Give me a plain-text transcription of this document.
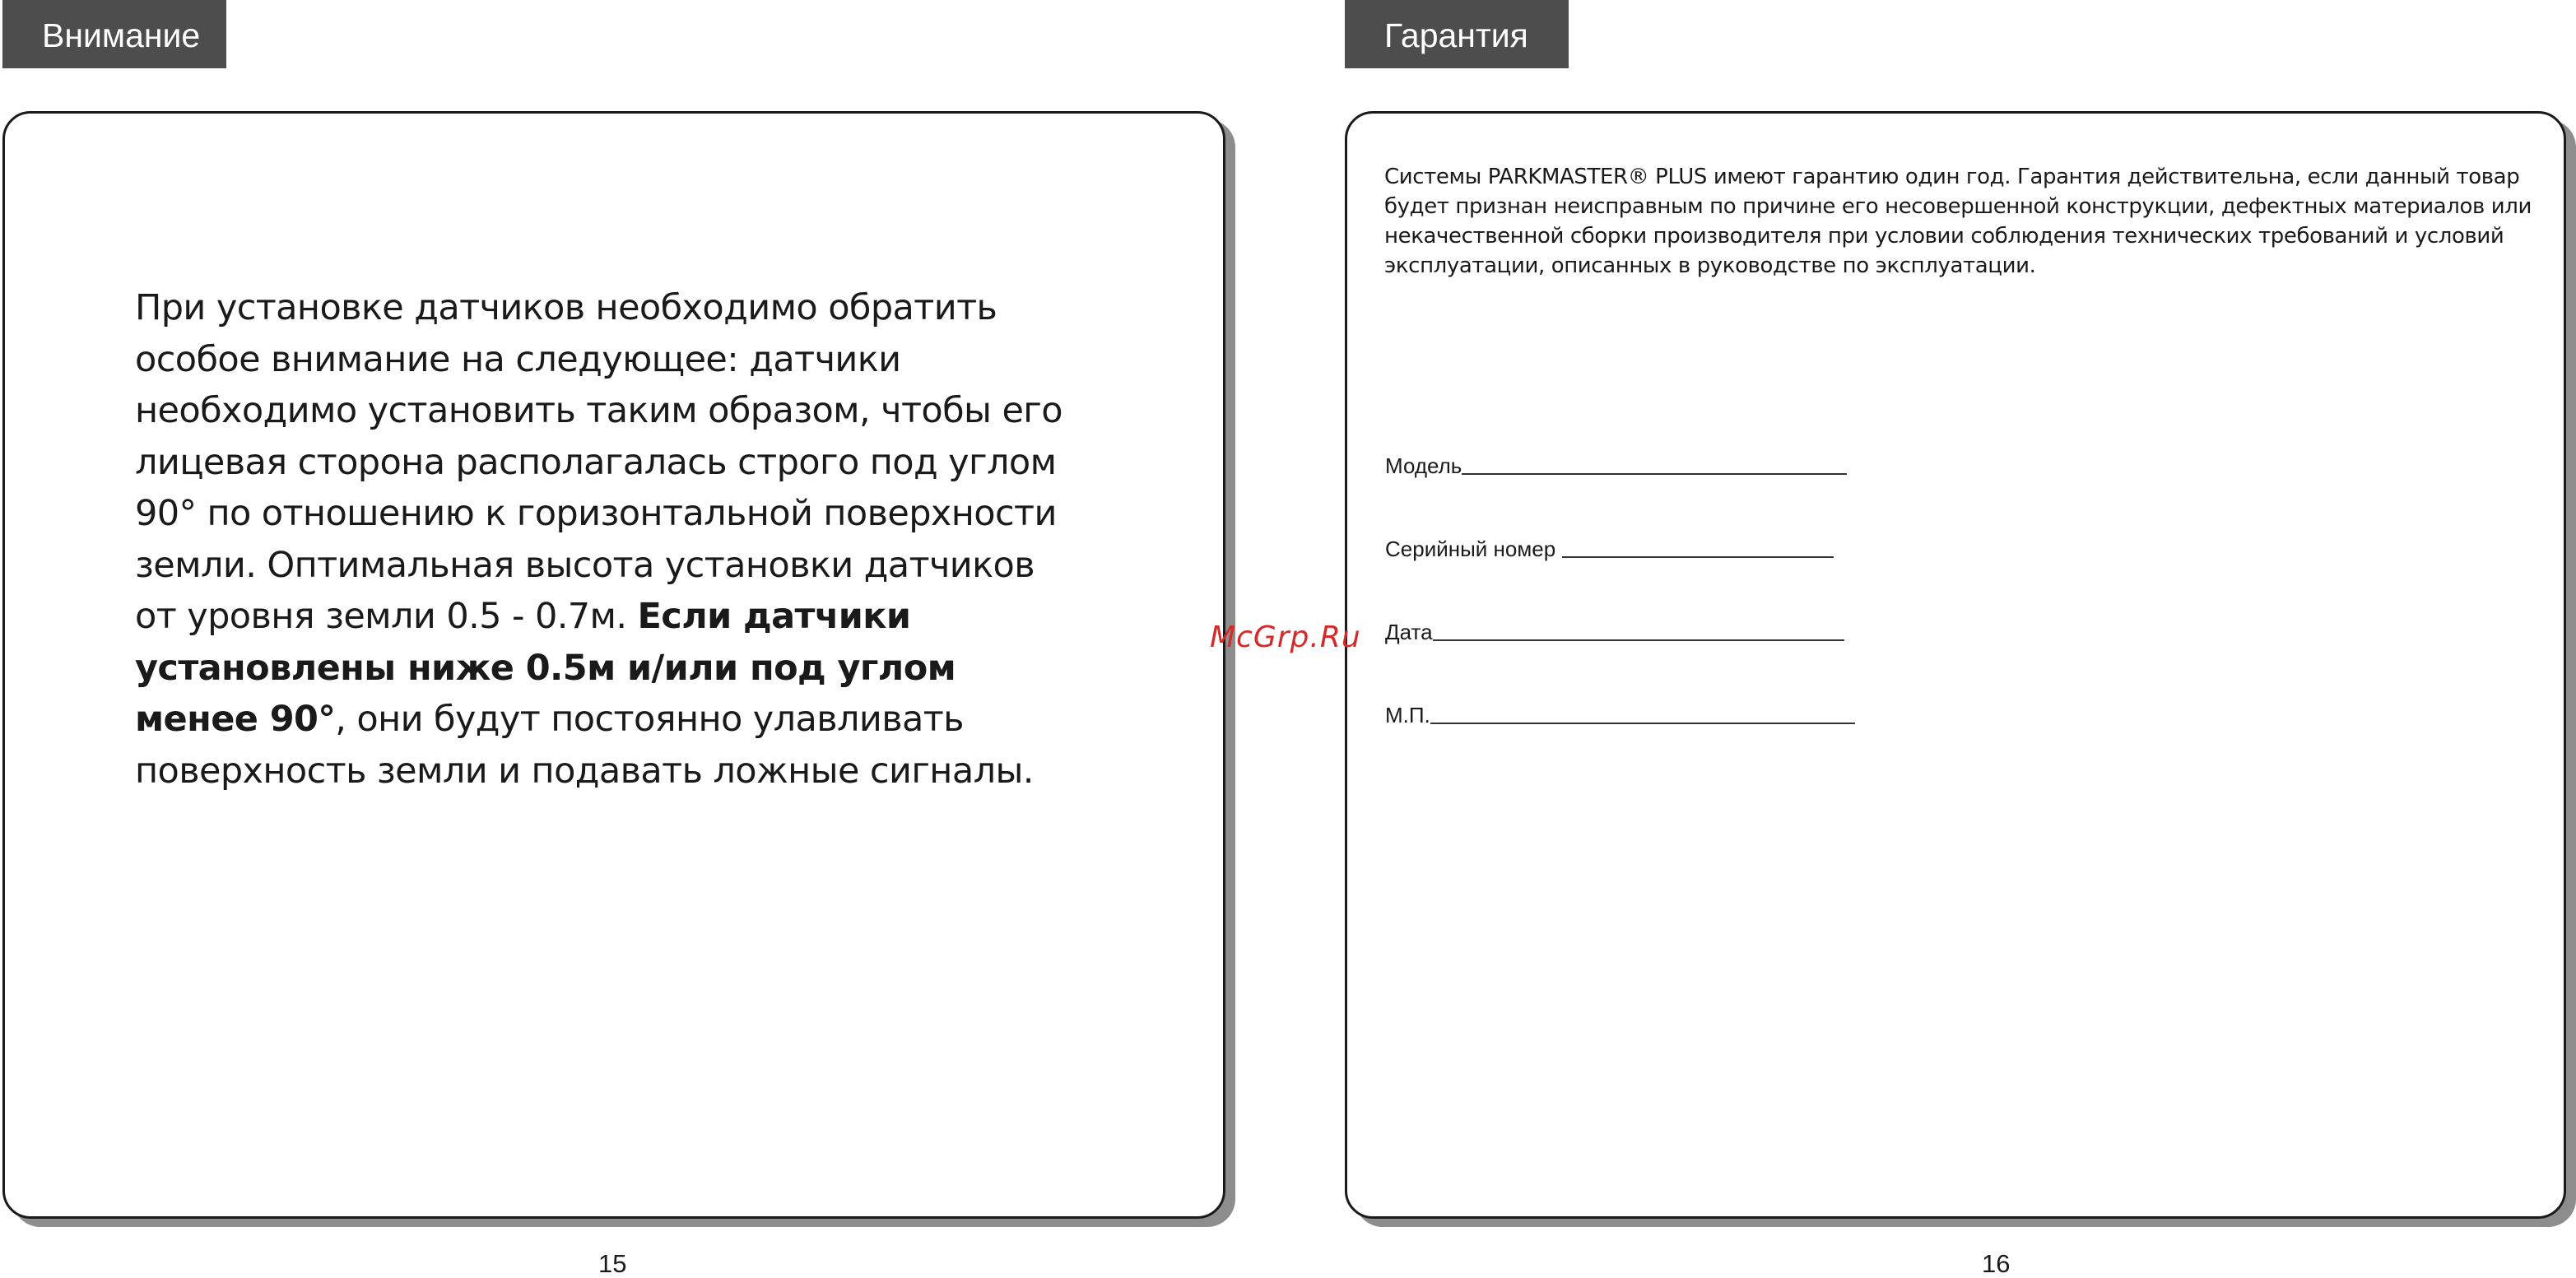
Внимание
При установке датчиков необходимо обратить особое внимание на следующее: датчики необходимо установить таким образом, чтобы его лицевая сторона располагалась строго под углом 90° по отношению к горизонтальной поверхности земли. Оптимальная высота установки датчиков от уровня земли 0.5 - 0.7м. Если датчики установлены ниже 0.5м и/или под углом менее 90°, они будут постоянно улавливать поверхность земли и подавать ложные сигналы.
15
Гарантия
Системы PARKMASTER® PLUS имеют гарантию один год. Гарантия действительна, если данный товар будет признан неисправным по причине его несовершенной конструкции, дефектных материалов или некачественной сборки производителя при условии соблюдения технических требований и условий эксплуатации, описанных в руководстве по эксплуатации.
Модель
Серийный номер
Дата
М.П.
16
McGrp.Ru
